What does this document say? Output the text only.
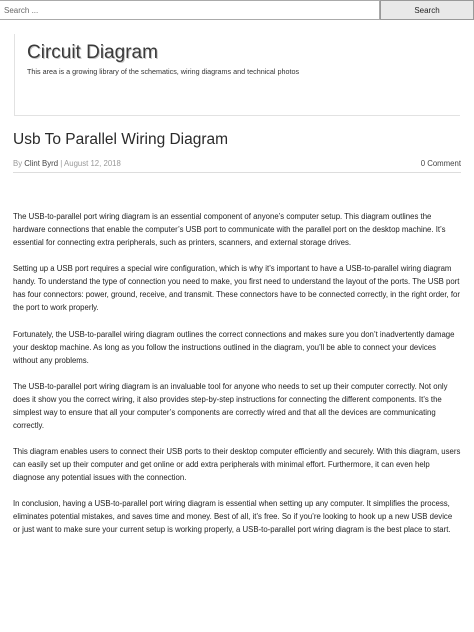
Search ...
Search
Circuit Diagram
This area is a growing library of the schematics, wiring diagrams and technical photos
Usb To Parallel Wiring Diagram
By Clint Byrd | August 12, 2018	0 Comment

The USB-to-parallel port wiring diagram is an essential component of anyone’s computer setup. This diagram outlines the hardware connections that enable the computer’s USB port to communicate with the parallel port on the desktop machine. It’s essential for connecting extra peripherals, such as printers, scanners, and external storage drives.

Setting up a USB port requires a special wire configuration, which is why it’s important to have a USB-to-parallel wiring diagram handy. To understand the type of connection you need to make, you first need to understand the layout of the ports. The USB port has four connectors: power, ground, receive, and transmit. These connectors have to be connected correctly, in the right order, for the port to work properly.

Fortunately, the USB-to-parallel wiring diagram outlines the correct connections and makes sure you don’t inadvertently damage your desktop machine. As long as you follow the instructions outlined in the diagram, you’ll be able to connect your devices without any problems.

The USB-to-parallel port wiring diagram is an invaluable tool for anyone who needs to set up their computer correctly. Not only does it show you the correct wiring, it also provides step-by-step instructions for connecting the different components. It’s the simplest way to ensure that all your computer’s components are correctly wired and that all the devices are communicating correctly.

This diagram enables users to connect their USB ports to their desktop computer efficiently and securely. With this diagram, users can easily set up their computer and get online or add extra peripherals with minimal effort. Furthermore, it can even help diagnose any potential issues with the connection.

In conclusion, having a USB-to-parallel port wiring diagram is essential when setting up any computer. It simplifies the process, eliminates potential mistakes, and saves time and money. Best of all, it’s free. So if you’re looking to hook up a new USB device or just want to make sure your current setup is working properly, a USB-to-parallel port wiring diagram is the best place to start.
